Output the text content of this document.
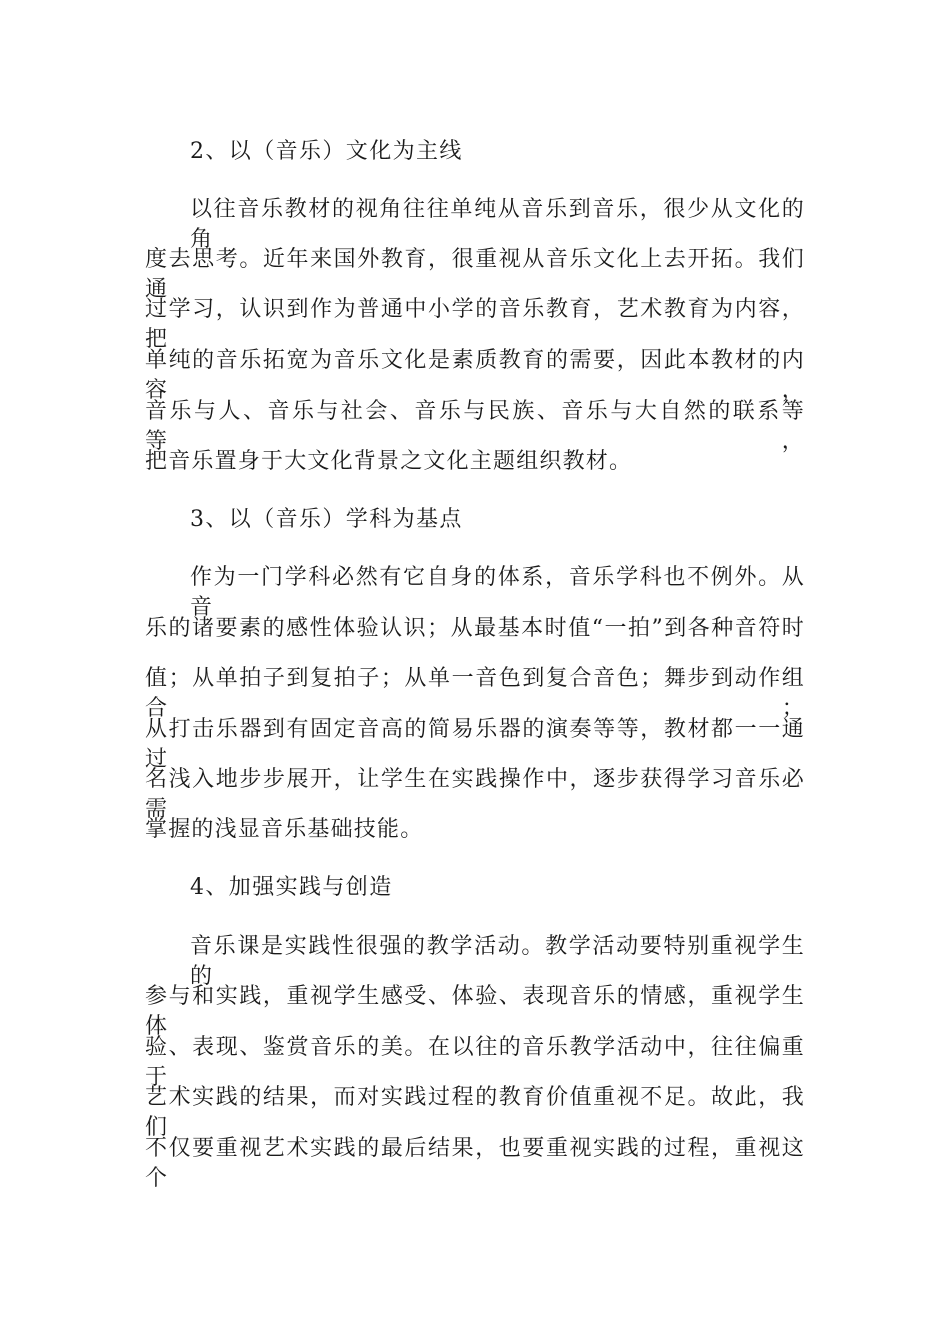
2、以（音乐）文化为主线
以往音乐教材的视角往往单纯从音乐到音乐，很少从文化的角
度去思考。近年来国外教育，很重视从音乐文化上去开拓。我们通
过学习，认识到作为普通中小学的音乐教育，艺术教育为内容，把
单纯的音乐拓宽为音乐文化是素质教育的需要，因此本教材的内容，
音乐与人、音乐与社会、音乐与民族、音乐与大自然的联系等等，
把音乐置身于大文化背景之文化主题组织教材。
3、以（音乐）学科为基点
作为一门学科必然有它自身的体系，音乐学科也不例外。从音
乐的诸要素的感性体验认识；从最基本时值“一拍”到各种音符时
值；从单拍子到复拍子；从单一音色到复合音色；舞步到动作组合；
从打击乐器到有固定音高的简易乐器的演奏等等，教材都一一通过
名浅入地步步展开，让学生在实践操作中，逐步获得学习音乐必需
掌握的浅显音乐基础技能。
4、加强实践与创造
音乐课是实践性很强的教学活动。教学活动要特别重视学生的
参与和实践，重视学生感受、体验、表现音乐的情感，重视学生体
验、表现、鉴赏音乐的美。在以往的音乐教学活动中，往往偏重于
艺术实践的结果，而对实践过程的教育价值重视不足。故此，我们
不仅要重视艺术实践的最后结果，也要重视实践的过程，重视这个
